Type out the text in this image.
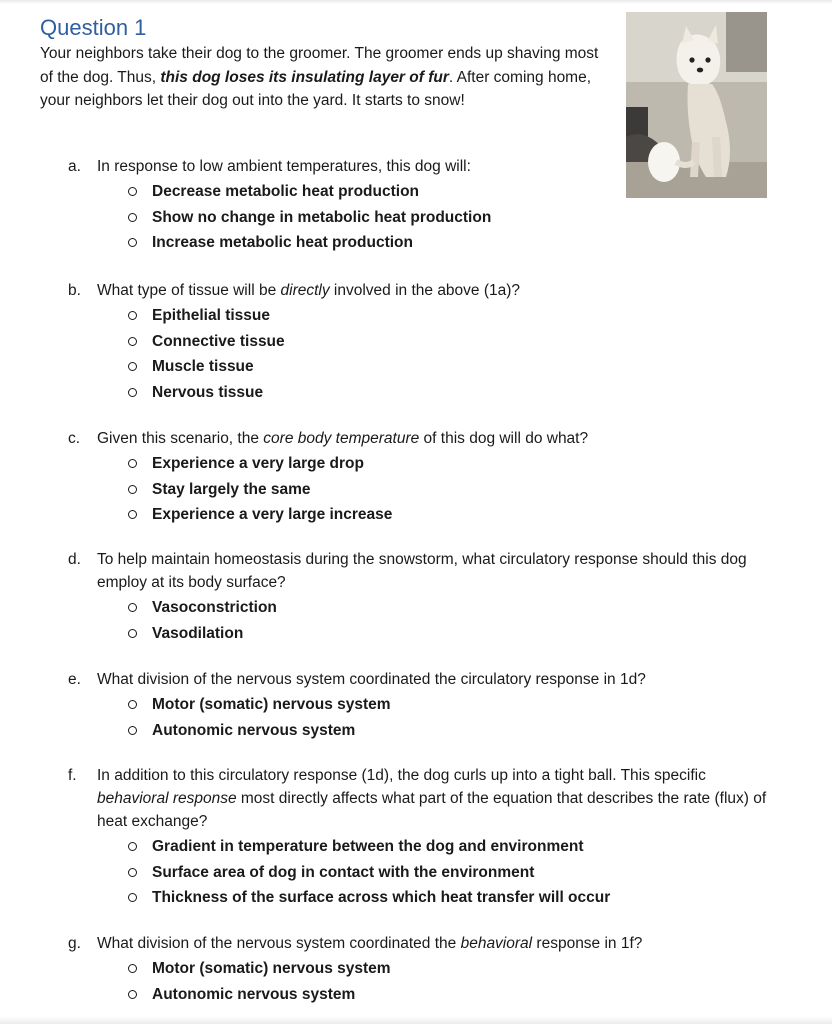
Question 1

Your neighbors take their dog to the groomer. The groomer ends up shaving most of the dog. Thus, this dog loses its insulating layer of fur. After coming home, your neighbors let their dog out into the yard. It starts to snow!

a.	In response to low ambient temperatures, this dog will:

Decrease metabolic heat production
Show no change in metabolic heat production
Increase metabolic heat production
b.	What type of tissue will be directly involved in the above (1a)?

Epithelial tissue
Connective tissue
Muscle tissue
Nervous tissue
c.	Given this scenario, the core body temperature of this dog will do what?

Experience a very large drop
Stay largely the same
Experience a very large increase
d.	To help maintain homeostasis during the snowstorm, what circulatory response should this dog employ at its body surface?

Vasoconstriction
Vasodilation
e.	What division of the nervous system coordinated the circulatory response in 1d?

Motor (somatic) nervous system
Autonomic nervous system
f.	In addition to this circulatory response (1d), the dog curls up into a tight ball. This specific behavioral response most directly affects what part of the equation that describes the rate (flux) of heat exchange?

Gradient in temperature between the dog and environment
Surface area of dog in contact with the environment
Thickness of the surface across which heat transfer will occur
g.	What division of the nervous system coordinated the behavioral response in 1f?

Motor (somatic) nervous system
Autonomic nervous system
